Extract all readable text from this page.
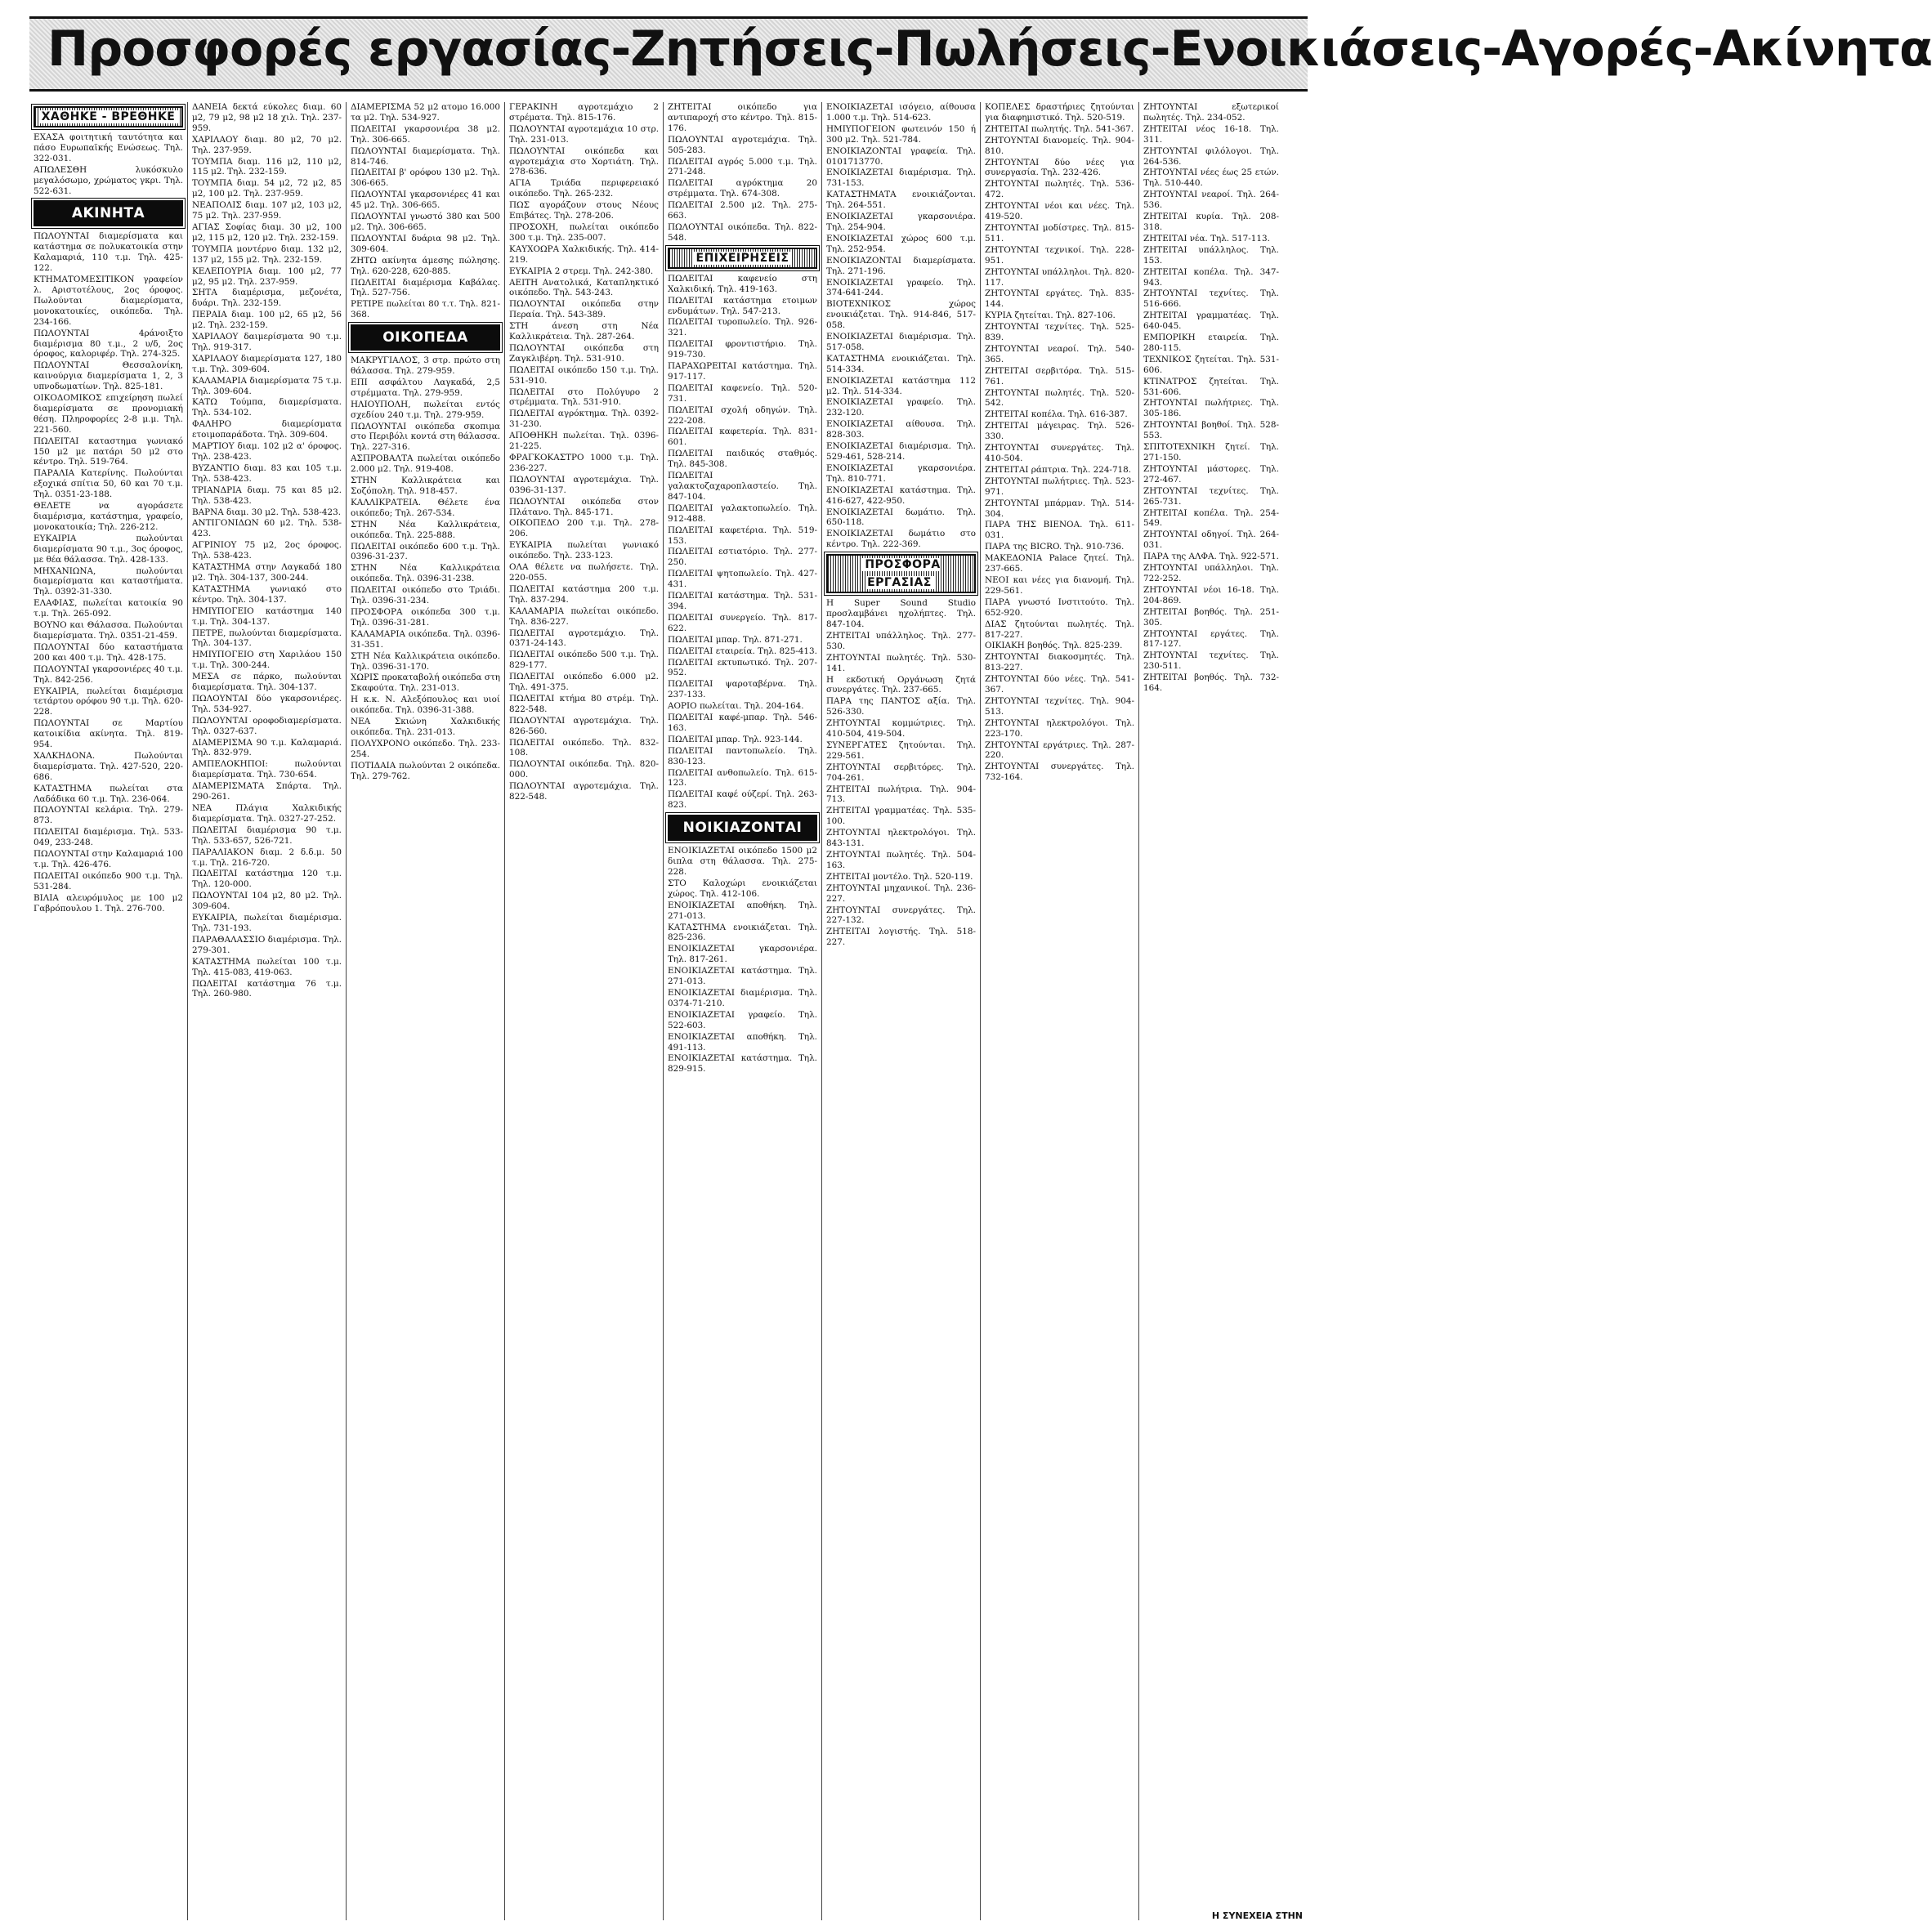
Προσφορές εργασίας-Ζητήσεις-Πωλήσεις-Ενοικιάσεις-Αγορές-Ακίνητα
ΧΑΘΗΚΕ - ΒΡΕΘΗΚΕ

ΕΧΑΣΑ φοιτητική ταυτότητα και πάσο Ευρωπαϊκής Ενώσεως. Τηλ. 322-031.

ΑΠΩΛΕΣΘΗ λυκόσκυλο μεγαλόσωμο, χρώματος γκρι. Τηλ. 522-631.

ΑΚΙΝΗΤΑ

ΠΩΛΟΥΝΤΑΙ διαμερίσματα και κατάστημα σε πολυκατοικία στην Καλαμαριά, 110 τ.μ. Τηλ. 425-122.

ΚΤΗΜΑΤΟΜΕΣΙΤΙΚΟΝ γραφείον λ. Αριστοτέλους, 2ος όροφος. Πωλούνται διαμερίσματα, μονοκατοικίες, οικόπεδα. Τηλ. 234-166.

ΠΩΛΟΥΝΤΑΙ 4ράνοιξτο διαμέρισμα 80 τ.μ., 2 υ/δ, 2ος όροφος, καλοριφέρ. Τηλ. 274-325.

ΠΩΛΟΥΝΤΑΙ Θεσσαλονίκη, καινούργια διαμερίσματα 1, 2, 3 υπνοδωματίων. Τηλ. 825-181.

ΟΙΚΟΔΟΜΙΚΟΣ επιχείρηση πωλεί διαμερίσματα σε προνομιακή θέση. Πληροφορίες 2-8 μ.μ. Τηλ. 221-560.

ΠΩΛΕΙΤΑΙ καταστημα γωνιακό 150 μ2 με πατάρι 50 μ2 στο κέντρο. Τηλ. 519-764.

ΠΑΡΑΛΙΑ Κατερίνης. Πωλούνται εξοχικά σπίτια 50, 60 και 70 τ.μ. Τηλ. 0351-23-188.

ΘΕΛΕΤΕ να αγοράσετε διαμέρισμα, κατάστημα, γραφείο, μονοκατοικία; Τηλ. 226-212.

ΕΥΚΑΙΡΙΑ πωλούνται διαμερίσματα 90 τ.μ., 3ος όροφος, με θέα θάλασσα. Τηλ. 428-133.

ΜΗΧΑΝΙΩΝΑ, πωλούνται διαμερίσματα και καταστήματα. Τηλ. 0392-31-330.

ΕΛΑΦΙΑΣ, πωλείται κατοικία 90 τ.μ. Τηλ. 265-092.

ΒΟΥΝΟ και Θάλασσα. Πωλούνται διαμερίσματα. Τηλ. 0351-21-459.

ΠΩΛΟΥΝΤΑΙ δύο καταστήματα 200 και 400 τ.μ. Τηλ. 428-175.

ΠΩΛΟΥΝΤΑΙ γκαρσονιέρες 40 τ.μ. Τηλ. 842-256.

ΕΥΚΑΙΡΙΑ, πωλείται διαμέρισμα τετάρτου ορόφου 90 τ.μ. Τηλ. 620-228.

ΠΩΛΟΥΝΤΑΙ σε Μαρτίου κατοικίδια ακίνητα. Τηλ. 819-954.

ΧΑΛΚΗΔΟΝΑ. Πωλούνται διαμερίσματα. Τηλ. 427-520, 220-686.

ΚΑΤΑΣΤΗΜΑ πωλείται στα Λαδάδικα 60 τ.μ. Τηλ. 236-064.

ΠΩΛΟΥΝΤΑΙ κελάρια. Τηλ. 279-873.

ΠΩΛΕΙΤΑΙ διαμέρισμα. Τηλ. 533-049, 233-248.

ΠΩΛΟΥΝΤΑΙ στην Καλαμαριά 100 τ.μ. Τηλ. 426-476.

ΠΩΛΕΙΤΑΙ οικόπεδο 900 τ.μ. Τηλ. 531-284.

ΒΙΛΙΑ αλευρόμυλος με 100 μ2 Γαβρόπουλου 1. Τηλ. 276-700.

ΔΑΝΕΙΑ δεκτά εύκολες διαμ. 60 μ2, 79 μ2, 98 μ2 18 χιλ. Τηλ. 237-959.

ΧΑΡΙΛΑΟΥ διαμ. 80 μ2, 70 μ2. Τηλ. 237-959.

ΤΟΥΜΠΑ διαμ. 116 μ2, 110 μ2, 115 μ2. Τηλ. 232-159.

ΤΟΥΜΠΑ διαμ. 54 μ2, 72 μ2, 85 μ2, 100 μ2. Τηλ. 237-959.

ΝΕΑΠΟΛΙΣ διαμ. 107 μ2, 103 μ2, 75 μ2. Τηλ. 237-959.

ΑΓΙΑΣ Σοφίας διαμ. 30 μ2, 100 μ2, 115 μ2, 120 μ2. Τηλ. 232-159.

ΤΟΥΜΠΑ μοντέρνο διαμ. 132 μ2, 137 μ2, 155 μ2. Τηλ. 232-159.

ΚΕΛΕΠΟΥΡΙΑ διαμ. 100 μ2, 77 μ2, 95 μ2. Τηλ. 237-959.

ΣΗΤΑ διαμέρισμα, μεζονέτα, δυάρι. Τηλ. 232-159.

ΠΕΡΑΙΑ διαμ. 100 μ2, 65 μ2, 56 μ2. Τηλ. 232-159.

ΧΑΡΙΛΑΟΥ δαιμερίσματα 90 τ.μ. Τηλ. 919-317.

ΧΑΡΙΛΑΟΥ διαμερίσματα 127, 180 τ.μ. Τηλ. 309-604.

ΚΑΛΑΜΑΡΙΑ διαμερίσματα 75 τ.μ. Τηλ. 309-604.

ΚΑΤΩ Τούμπα, διαμερίσματα. Τηλ. 534-102.

ΦΑΛΗΡΟ διαμερίσματα ετοιμοπαράδοτα. Τηλ. 309-604.

ΜΑΡΤΙΟΥ διαμ. 102 μ2 α' όροφος. Τηλ. 238-423.

ΒΥΖΑΝΤΙΟ διαμ. 83 και 105 τ.μ. Τηλ. 538-423.

ΤΡΙΑΝΔΡΙΑ διαμ. 75 και 85 μ2. Τηλ. 538-423.

ΒΑΡΝΑ διαμ. 30 μ2. Τηλ. 538-423.

ΑΝΤΙΓΟΝΙΔΩΝ 60 μ2. Τηλ. 538-423.

ΑΓΡΙΝΙΟΥ 75 μ2, 2ος όροφος. Τηλ. 538-423.

ΚΑΤΑΣΤΗΜΑ στην Λαγκαδά 180 μ2. Τηλ. 304-137, 300-244.

ΚΑΤΑΣΤΗΜΑ γωνιακό στο κέντρο. Τηλ. 304-137.

ΗΜΙΥΠΟΓΕΙΟ κατάστημα 140 τ.μ. Τηλ. 304-137.

ΠΕΤΡΕ, πωλούνται διαμερίσματα. Τηλ. 304-137.

ΗΜΙΥΠΟΓΕΙΟ στη Χαριλάου 150 τ.μ. Τηλ. 300-244.

ΜΕΣΑ σε πάρκο, πωλούνται διαμερίσματα. Τηλ. 304-137.

ΠΩΛΟΥΝΤΑΙ δύο γκαρσονιέρες. Τηλ. 534-927.

ΠΩΛΟΥΝΤΑΙ οροφοδιαμερίσματα. Τηλ. 0327-637.

ΔΙΑΜΕΡΙΣΜΑ 90 τ.μ. Καλαμαριά. Τηλ. 832-979.

ΑΜΠΕΛΟΚΗΠΟΙ: πωλούνται διαμερίσματα. Τηλ. 730-654.

ΔΙΑΜΕΡΙΣΜΑΤΑ Σπάρτα. Τηλ. 290-261.

ΝΕΑ Πλάγια Χαλκιδικής διαμερίσματα. Τηλ. 0327-27-252.

ΠΩΛΕΙΤΑΙ διαμέρισμα 90 τ.μ. Τηλ. 533-657, 526-721.

ΠΑΡΑΛΙΑΚΟΝ διαμ. 2 δ.δ.μ. 50 τ.μ. Τηλ. 216-720.

ΠΩΛΕΙΤΑΙ κατάστημα 120 τ.μ. Τηλ. 120-000.

ΠΩΛΟΥΝΤΑΙ 104 μ2, 80 μ2. Τηλ. 309-604.

ΕΥΚΑΙΡΙΑ, πωλείται διαμέρισμα. Τηλ. 731-193.

ΠΑΡΑΘΑΛΑΣΣΙΟ διαμέρισμα. Τηλ. 279-301.

ΚΑΤΑΣΤΗΜΑ πωλείται 100 τ.μ. Τηλ. 415-083, 419-063.

ΠΩΛΕΙΤΑΙ κατάστημα 76 τ.μ. Τηλ. 260-980.

ΔΙΑΜΕΡΙΣΜΑ 52 μ2 ατομο 16.000 τα μ2. Τηλ. 534-927.

ΠΩΛΕΙΤΑΙ γκαρσονιέρα 38 μ2. Τηλ. 306-665.

ΠΩΛΟΥΝΤΑΙ διαμερίσματα. Τηλ. 814-746.

ΠΩΛΕΙΤΑΙ β' ορόφου 130 μ2. Τηλ. 306-665.

ΠΩΛΟΥΝΤΑΙ γκαρσονιέρες 41 και 45 μ2. Τηλ. 306-665.

ΠΩΛΟΥΝΤΑΙ γνωστό 380 και 500 μ2. Τηλ. 306-665.

ΠΩΛΟΥΝΤΑΙ δυάρια 98 μ2. Τηλ. 309-604.

ΖΗΤΩ ακίνητα άμεσης πώλησης. Τηλ. 620-228, 620-885.

ΠΩΛΕΙΤΑΙ διαμέρισμα Καβάλας. Τηλ. 527-756.

ΡΕΤΙΡΕ πωλείται 80 τ.τ. Τηλ. 821-368.

ΟΙΚΟΠΕΔΑ

ΜΑΚΡΥΓΙΑΛΟΣ, 3 στρ. πρώτο στη θάλασσα. Τηλ. 279-959.

ΕΠΙ ασφάλτου Λαγκαδά, 2,5 στρέμματα. Τηλ. 279-959.

ΗΛΙΟΥΠΟΛΗ, πωλείται εντός σχεδίου 240 τ.μ. Τηλ. 279-959.

ΠΩΛΟΥΝΤΑΙ οικόπεδα σκοπιμα στο Περιβόλι κοντά στη θάλασσα. Τηλ. 227-316.

ΑΣΠΡΟΒΑΛΤΑ πωλείται οικόπεδο 2.000 μ2. Τηλ. 919-408.

ΣΤΗΝ Καλλικράτεια και Σοζόπολη. Τηλ. 918-457.

ΚΑΛΛΙΚΡΑΤΕΙΑ. Θέλετε ένα οικόπεδο; Τηλ. 267-534.

ΣΤΗΝ Νέα Καλλικράτεια, οικόπεδα. Τηλ. 225-888.

ΠΩΛΕΙΤΑΙ οικόπεδο 600 τ.μ. Τηλ. 0396-31-237.

ΣΤΗΝ Νέα Καλλικράτεια οικόπεδα. Τηλ. 0396-31-238.

ΠΩΛΕΙΤΑΙ οικόπεδο στο Τριάδι. Τηλ. 0396-31-234.

ΠΡΟΣΦΟΡΑ οικόπεδα 300 τ.μ. Τηλ. 0396-31-281.

ΚΑΛΑΜΑΡΙΑ οικόπεδα. Τηλ. 0396-31-351.

ΣΤΗ Νέα Καλλικράτεια οικόπεδο. Τηλ. 0396-31-170.

ΧΩΡΙΣ προκαταβολή οικόπεδα στη Σκαφούτα. Τηλ. 231-013.

Η κ.κ. Ν. Αλεξόπουλος και υιοί οικόπεδα. Τηλ. 0396-31-388.

ΝΕΑ Σκιώνη Χαλκιδικής οικόπεδα. Τηλ. 231-013.

ΠΟΛΥΧΡΟΝΟ οικόπεδο. Τηλ. 233-254.

ΠΟΤΙΔΑΙΑ πωλούνται 2 οικόπεδα. Τηλ. 279-762.

ΓΕΡΑΚΙΝΗ αγροτεμάχιο 2 στρέματα. Τηλ. 815-176.

ΠΩΛΟΥΝΤΑΙ αγροτεμάχια 10 στρ. Τηλ. 231-013.

ΠΩΛΟΥΝΤΑΙ οικόπεδα και αγροτεμάχια στο Χορτιάτη. Τηλ. 278-636.

ΑΓΙΑ Τριάδα περιφερειακό οικόπεδο. Τηλ. 265-232.

ΠΩΣ αγοράζουν στους Νέους Επιβάτες. Τηλ. 278-206.

ΠΡΟΣΟΧΗ, πωλείται οικόπεδο 300 τ.μ. Τηλ. 235-007.

ΚΑΥΧΟΩΡΑ Χαλκιδικής. Τηλ. 414-219.

ΕΥΚΑΙΡΙΑ 2 στρεμ. Τηλ. 242-380.

ΑΕΙΤΗ Ανατολικά, Καταπληκτικό οικόπεδο. Τηλ. 543-243.

ΠΩΛΟΥΝΤΑΙ οικόπεδα στην Περαία. Τηλ. 543-389.

ΣΤΗ άνεση στη Νέα Καλλικράτεια. Τηλ. 287-264.

ΠΩΛΟΥΝΤΑΙ οικόπεδα στη Ζαγκλιβέρη. Τηλ. 531-910.

ΠΩΛΕΙΤΑΙ οικόπεδο 150 τ.μ. Τηλ. 531-910.

ΠΩΛΕΙΤΑΙ στο Πολύγυρο 2 στρέμματα. Τηλ. 531-910.

ΠΩΛΕΙΤΑΙ αγρόκτημα. Τηλ. 0392-31-230.

ΑΠΟΘΗΚΗ πωλείται. Τηλ. 0396-21-225.

ΦΡΑΓΚΟΚΑΣΤΡΟ 1000 τ.μ. Τηλ. 236-227.

ΠΩΛΟΥΝΤΑΙ αγροτεμάχια. Τηλ. 0396-31-137.

ΠΩΛΟΥΝΤΑΙ οικόπεδα στον Πλάτανο. Τηλ. 845-171.

ΟΙΚΟΠΕΔΟ 200 τ.μ. Τηλ. 278-206.

ΕΥΚΑΙΡΙΑ πωλείται γωνιακό οικόπεδο. Τηλ. 233-123.

ΟΛΑ θέλετε να πωλήσετε. Τηλ. 220-055.

ΠΩΛΕΙΤΑΙ κατάστημα 200 τ.μ. Τηλ. 837-294.

ΚΑΛΑΜΑΡΙΑ πωλείται οικόπεδο. Τηλ. 836-227.

ΠΩΛΕΙΤΑΙ αγροτεμάχιο. Τηλ. 0371-24-143.

ΠΩΛΕΙΤΑΙ οικόπεδο 500 τ.μ. Τηλ. 829-177.

ΠΩΛΕΙΤΑΙ οικόπεδο 6.000 μ2. Τηλ. 491-375.

ΠΩΛΕΙΤΑΙ κτήμα 80 στρέμ. Τηλ. 822-548.

ΠΩΛΟΥΝΤΑΙ αγροτεμάχια. Τηλ. 826-560.

ΠΩΛΕΙΤΑΙ οικόπεδο. Τηλ. 832-108.

ΠΩΛΟΥΝΤΑΙ οικόπεδα. Τηλ. 820-000.

ΠΩΛΟΥΝΤΑΙ αγροτεμάχια. Τηλ. 822-548.

ΖΗΤΕΙΤΑΙ οικόπεδο για αντιπαροχή στο κέντρο. Τηλ. 815-176.

ΠΩΛΟΥΝΤΑΙ αγροτεμάχια. Τηλ. 505-283.

ΠΩΛΕΙΤΑΙ αγρός 5.000 τ.μ. Τηλ. 271-248.

ΠΩΛΕΙΤΑΙ αγρόκτημα 20 στρέμματα. Τηλ. 674-308.

ΠΩΛΕΙΤΑΙ 2.500 μ2. Τηλ. 275-663.

ΠΩΛΟΥΝΤΑΙ οικόπεδα. Τηλ. 822-548.

ΕΠΙΧΕΙΡΗΣΕΙΣ

ΠΩΛΕΙΤΑΙ καφενείο στη Χαλκιδική. Τηλ. 419-163.

ΠΩΛΕΙΤΑΙ κατάστημα ετοιμων ενδυμάτων. Τηλ. 547-213.

ΠΩΛΕΙΤΑΙ τυροπωλείο. Τηλ. 926-321.

ΠΩΛΕΙΤΑΙ φροντιστήριο. Τηλ. 919-730.

ΠΑΡΑΧΩΡΕΙΤΑΙ κατάστημα. Τηλ. 917-117.

ΠΩΛΕΙΤΑΙ καφενείο. Τηλ. 520-731.

ΠΩΛΕΙΤΑΙ σχολή οδηγών. Τηλ. 222-208.

ΠΩΛΕΙΤΑΙ καφετερία. Τηλ. 831-601.

ΠΩΛΕΙΤΑΙ παιδικός σταθμός. Τηλ. 845-308.

ΠΩΛΕΙΤΑΙ γαλακτοζαχαροπλαστείο. Τηλ. 847-104.

ΠΩΛΕΙΤΑΙ γαλακτοπωλείο. Τηλ. 912-488.

ΠΩΛΕΙΤΑΙ καφετέρια. Τηλ. 519-153.

ΠΩΛΕΙΤΑΙ εστιατόριο. Τηλ. 277-250.

ΠΩΛΕΙΤΑΙ ψητοπωλείο. Τηλ. 427-431.

ΠΩΛΕΙΤΑΙ κατάστημα. Τηλ. 531-394.

ΠΩΛΕΙΤΑΙ συνεργείο. Τηλ. 817-622.

ΠΩΛΕΙΤΑΙ μπαρ. Τηλ. 871-271.

ΠΩΛΕΙΤΑΙ εταιρεία. Τηλ. 825-413.

ΠΩΛΕΙΤΑΙ εκτυπωτικό. Τηλ. 207-952.

ΠΩΛΕΙΤΑΙ ψαροταβέρνα. Τηλ. 237-133.

ΑΟΡΙΟ πωλείται. Τηλ. 204-164.

ΠΩΛΕΙΤΑΙ καφέ-μπαρ. Τηλ. 546-163.

ΠΩΛΕΙΤΑΙ μπαρ. Τηλ. 923-144.

ΠΩΛΕΙΤΑΙ παντοπωλείο. Τηλ. 830-123.

ΠΩΛΕΙΤΑΙ ανθοπωλείο. Τηλ. 615-123.

ΠΩΛΕΙΤΑΙ καφέ ούζερί. Τηλ. 263-823.

ΝΟΙΚΙΑΖΟΝΤΑΙ

ΕΝΟΙΚΙΑΖΕΤΑΙ οικόπεδο 1500 μ2 διπλα στη θάλασσα. Τηλ. 275-228.

ΣΤΟ Καλοχώρι ενοικιάζεται χώρος. Τηλ. 412-106.

ΕΝΟΙΚΙΑΖΕΤΑΙ αποθήκη. Τηλ. 271-013.

ΚΑΤΑΣΤΗΜΑ ενοικιάζεται. Τηλ. 825-236.

ΕΝΟΙΚΙΑΖΕΤΑΙ γκαρσονιέρα. Τηλ. 817-261.

ΕΝΟΙΚΙΑΖΕΤΑΙ κατάστημα. Τηλ. 271-013.

ΕΝΟΙΚΙΑΖΕΤΑΙ διαμέρισμα. Τηλ. 0374-71-210.

ΕΝΟΙΚΙΑΖΕΤΑΙ γραφείο. Τηλ. 522-603.

ΕΝΟΙΚΙΑΖΕΤΑΙ αποθήκη. Τηλ. 491-113.

ΕΝΟΙΚΙΑΖΕΤΑΙ κατάστημα. Τηλ. 829-915.

ΕΝΟΙΚΙΑΖΕΤΑΙ ισόγειο, αίθουσα 1.000 τ.μ. Τηλ. 514-623.

ΗΜΙΥΠΟΓΕΙΟΝ φωτεινόν 150 ή 300 μ2. Τηλ. 521-784.

ΕΝΟΙΚΙΑΖΟΝΤΑΙ γραφεία. Τηλ. 0101713770.

ΕΝΟΙΚΙΑΖΕΤΑΙ διαμέρισμα. Τηλ. 731-153.

ΚΑΤΑΣΤΗΜΑΤΑ ενοικιάζονται. Τηλ. 264-551.

ΕΝΟΙΚΙΑΖΕΤΑΙ γκαρσονιέρα. Τηλ. 254-904.

ΕΝΟΙΚΙΑΖΕΤΑΙ χώρος 600 τ.μ. Τηλ. 252-954.

ΕΝΟΙΚΙΑΖΟΝΤΑΙ διαμερίσματα. Τηλ. 271-196.

ΕΝΟΙΚΙΑΖΕΤΑΙ γραφείο. Τηλ. 374-641-244.

ΒΙΟΤΕΧΝΙΚΟΣ χώρος ενοικιάζεται. Τηλ. 914-846, 517-058.

ΕΝΟΙΚΙΑΖΕΤΑΙ διαμέρισμα. Τηλ. 517-058.

ΚΑΤΑΣΤΗΜΑ ενοικιάζεται. Τηλ. 514-334.

ΕΝΟΙΚΙΑΖΕΤΑΙ κατάστημα 112 μ2. Τηλ. 514-334.

ΕΝΟΙΚΙΑΖΕΤΑΙ γραφείο. Τηλ. 232-120.

ΕΝΟΙΚΙΑΖΕΤΑΙ αίθουσα. Τηλ. 828-303.

ΕΝΟΙΚΙΑΖΕΤΑΙ διαμέρισμα. Τηλ. 529-461, 528-214.

ΕΝΟΙΚΙΑΖΕΤΑΙ γκαρσονιέρα. Τηλ. 810-771.

ΕΝΟΙΚΙΑΖΕΤΑΙ κατάστημα. Τηλ. 416-627, 422-950.

ΕΝΟΙΚΙΑΖΕΤΑΙ δωμάτιο. Τηλ. 650-118.

ΕΝΟΙΚΙΑΖΕΤΑΙ δωμάτιο στο κέντρο. Τηλ. 222-369.

ΠΡΟΣΦΟΡΑ ΕΡΓΑΣΙΑΣ

Η Super Sound Studio προσλαμβάνει ηχολήπτες. Τηλ. 847-104.

ΖΗΤΕΙΤΑΙ υπάλληλος. Τηλ. 277-530.

ΖΗΤΟΥΝΤΑΙ πωλητές. Τηλ. 530-141.

Η εκδοτική Οργάνωση ζητά συνεργάτες. Τηλ. 237-665.

ΠΑΡΑ της ΠΑΝΤΟΣ αξία. Τηλ. 526-330.

ΖΗΤΟΥΝΤΑΙ κομμώτριες. Τηλ. 410-504, 419-504.

ΣΥΝΕΡΓΑΤΕΣ ζητούνται. Τηλ. 229-561.

ΖΗΤΟΥΝΤΑΙ σερβιτόρες. Τηλ. 704-261.

ΖΗΤΕΙΤΑΙ πωλήτρια. Τηλ. 904-713.

ΖΗΤΕΙΤΑΙ γραμματέας. Τηλ. 535-100.

ΖΗΤΟΥΝΤΑΙ ηλεκτρολόγοι. Τηλ. 843-131.

ΖΗΤΟΥΝΤΑΙ πωλητές. Τηλ. 504-163.

ΖΗΤΕΙΤΑΙ μοντέλο. Τηλ. 520-119.

ΖΗΤΟΥΝΤΑΙ μηχανικοί. Τηλ. 236-227.

ΖΗΤΟΥΝΤΑΙ συνεργάτες. Τηλ. 227-132.

ΖΗΤΕΙΤΑΙ λογιστής. Τηλ. 518-227.

ΚΟΠΕΛΕΣ δραστήριες ζητούνται για διαφημιστικό. Τηλ. 520-519.

ΖΗΤΕΙΤΑΙ πωλητής. Τηλ. 541-367.

ΖΗΤΟΥΝΤΑΙ διανομείς. Τηλ. 904-810.

ΖΗΤΟΥΝΤΑΙ δύο νέες για συνεργασία. Τηλ. 232-426.

ΖΗΤΟΥΝΤΑΙ πωλητές. Τηλ. 536-472.

ΖΗΤΟΥΝΤΑΙ νέοι και νέες. Τηλ. 419-520.

ΖΗΤΟΥΝΤΑΙ μοδίστρες. Τηλ. 815-511.

ΖΗΤΟΥΝΤΑΙ τεχνικοί. Τηλ. 228-951.

ΖΗΤΟΥΝΤΑΙ υπάλληλοι. Τηλ. 820-117.

ΖΗΤΟΥΝΤΑΙ εργάτες. Τηλ. 835-144.

ΚΥΡΙΑ ζητείται. Τηλ. 827-106.

ΖΗΤΟΥΝΤΑΙ τεχνίτες. Τηλ. 525-839.

ΖΗΤΟΥΝΤΑΙ νεαροί. Τηλ. 540-365.

ΖΗΤΕΙΤΑΙ σερβιτόρα. Τηλ. 515-761.

ΖΗΤΟΥΝΤΑΙ πωλητές. Τηλ. 520-542.

ΖΗΤΕΙΤΑΙ κοπέλα. Τηλ. 616-387.

ΖΗΤΕΙΤΑΙ μάγειρας. Τηλ. 526-330.

ΖΗΤΟΥΝΤΑΙ συνεργάτες. Τηλ. 410-504.

ΖΗΤΕΙΤΑΙ ράπτρια. Τηλ. 224-718.

ΖΗΤΟΥΝΤΑΙ πωλήτριες. Τηλ. 523-971.

ΖΗΤΟΥΝΤΑΙ μπάρμαν. Τηλ. 514-304.

ΠΑΡΑ ΤΗΣ ΒΙΕΝΟΑ. Τηλ. 611-031.

ΠΑΡΑ της BICRO. Τηλ. 910-736.

ΜΑΚΕΔΟΝΙΑ Palace ζητεί. Τηλ. 237-665.

ΝΕΟΙ και νέες για διανομή. Τηλ. 229-561.

ΠΑΡΑ γνωστό Ινστιτούτο. Τηλ. 652-920.

ΔΙΑΣ ζητούνται πωλητές. Τηλ. 817-227.

ΟΙΚΙΑΚΗ βοηθός. Τηλ. 825-239.

ΖΗΤΟΥΝΤΑΙ διακοσμητές. Τηλ. 813-227.

ΖΗΤΟΥΝΤΑΙ δύο νέες. Τηλ. 541-367.

ΖΗΤΟΥΝΤΑΙ τεχνίτες. Τηλ. 904-513.

ΖΗΤΟΥΝΤΑΙ ηλεκτρολόγοι. Τηλ. 223-170.

ΖΗΤΟΥΝΤΑΙ εργάτριες. Τηλ. 287-220.

ΖΗΤΟΥΝΤΑΙ συνεργάτες. Τηλ. 732-164.

ΖΗΤΟΥΝΤΑΙ εξωτερικοί πωλητές. Τηλ. 234-052.

ΖΗΤΕΙΤΑΙ νέος 16-18. Τηλ. 311.

ΖΗΤΟΥΝΤΑΙ φιλόλογοι. Τηλ. 264-536.

ΖΗΤΟΥΝΤΑΙ νέες έως 25 ετών. Τηλ. 510-440.

ΖΗΤΟΥΝΤΑΙ νεαροί. Τηλ. 264-536.

ΖΗΤΕΙΤΑΙ κυρία. Τηλ. 208-318.

ΖΗΤΕΙΤΑΙ νέα. Τηλ. 517-113.

ΖΗΤΕΙΤΑΙ υπάλληλος. Τηλ. 153.

ΖΗΤΕΙΤΑΙ κοπέλα. Τηλ. 347-943.

ΖΗΤΟΥΝΤΑΙ τεχνίτες. Τηλ. 516-666.

ΖΗΤΕΙΤΑΙ γραμματέας. Τηλ. 640-045.

ΕΜΠΟΡΙΚΗ εταιρεία. Τηλ. 280-115.

ΤΕΧΝΙΚΟΣ ζητείται. Τηλ. 531-606.

ΚΤΙΝΑΤΡΟΣ ζητείται. Τηλ. 531-606.

ΖΗΤΟΥΝΤΑΙ πωλήτριες. Τηλ. 305-186.

ΖΗΤΟΥΝΤΑΙ βοηθοί. Τηλ. 528-553.

ΣΠΙΤΟΤΕΧΝΙΚΗ ζητεί. Τηλ. 271-150.

ΖΗΤΟΥΝΤΑΙ μάστορες. Τηλ. 272-467.

ΖΗΤΟΥΝΤΑΙ τεχνίτες. Τηλ. 265-731.

ΖΗΤΕΙΤΑΙ κοπέλα. Τηλ. 254-549.

ΖΗΤΟΥΝΤΑΙ οδηγοί. Τηλ. 264-031.

ΠΑΡΑ της ΑΛΦΑ. Τηλ. 922-571.

ΖΗΤΟΥΝΤΑΙ υπάλληλοι. Τηλ. 722-252.

ΖΗΤΟΥΝΤΑΙ νέοι 16-18. Τηλ. 204-869.

ΖΗΤΕΙΤΑΙ βοηθός. Τηλ. 251-305.

ΖΗΤΟΥΝΤΑΙ εργάτες. Τηλ. 817-127.

ΖΗΤΟΥΝΤΑΙ τεχνίτες. Τηλ. 230-511.

ΖΗΤΕΙΤΑΙ βοηθός. Τηλ. 732-164.

Η ΣΥΝΕΧΕΙΑ ΣΤΗΝ
